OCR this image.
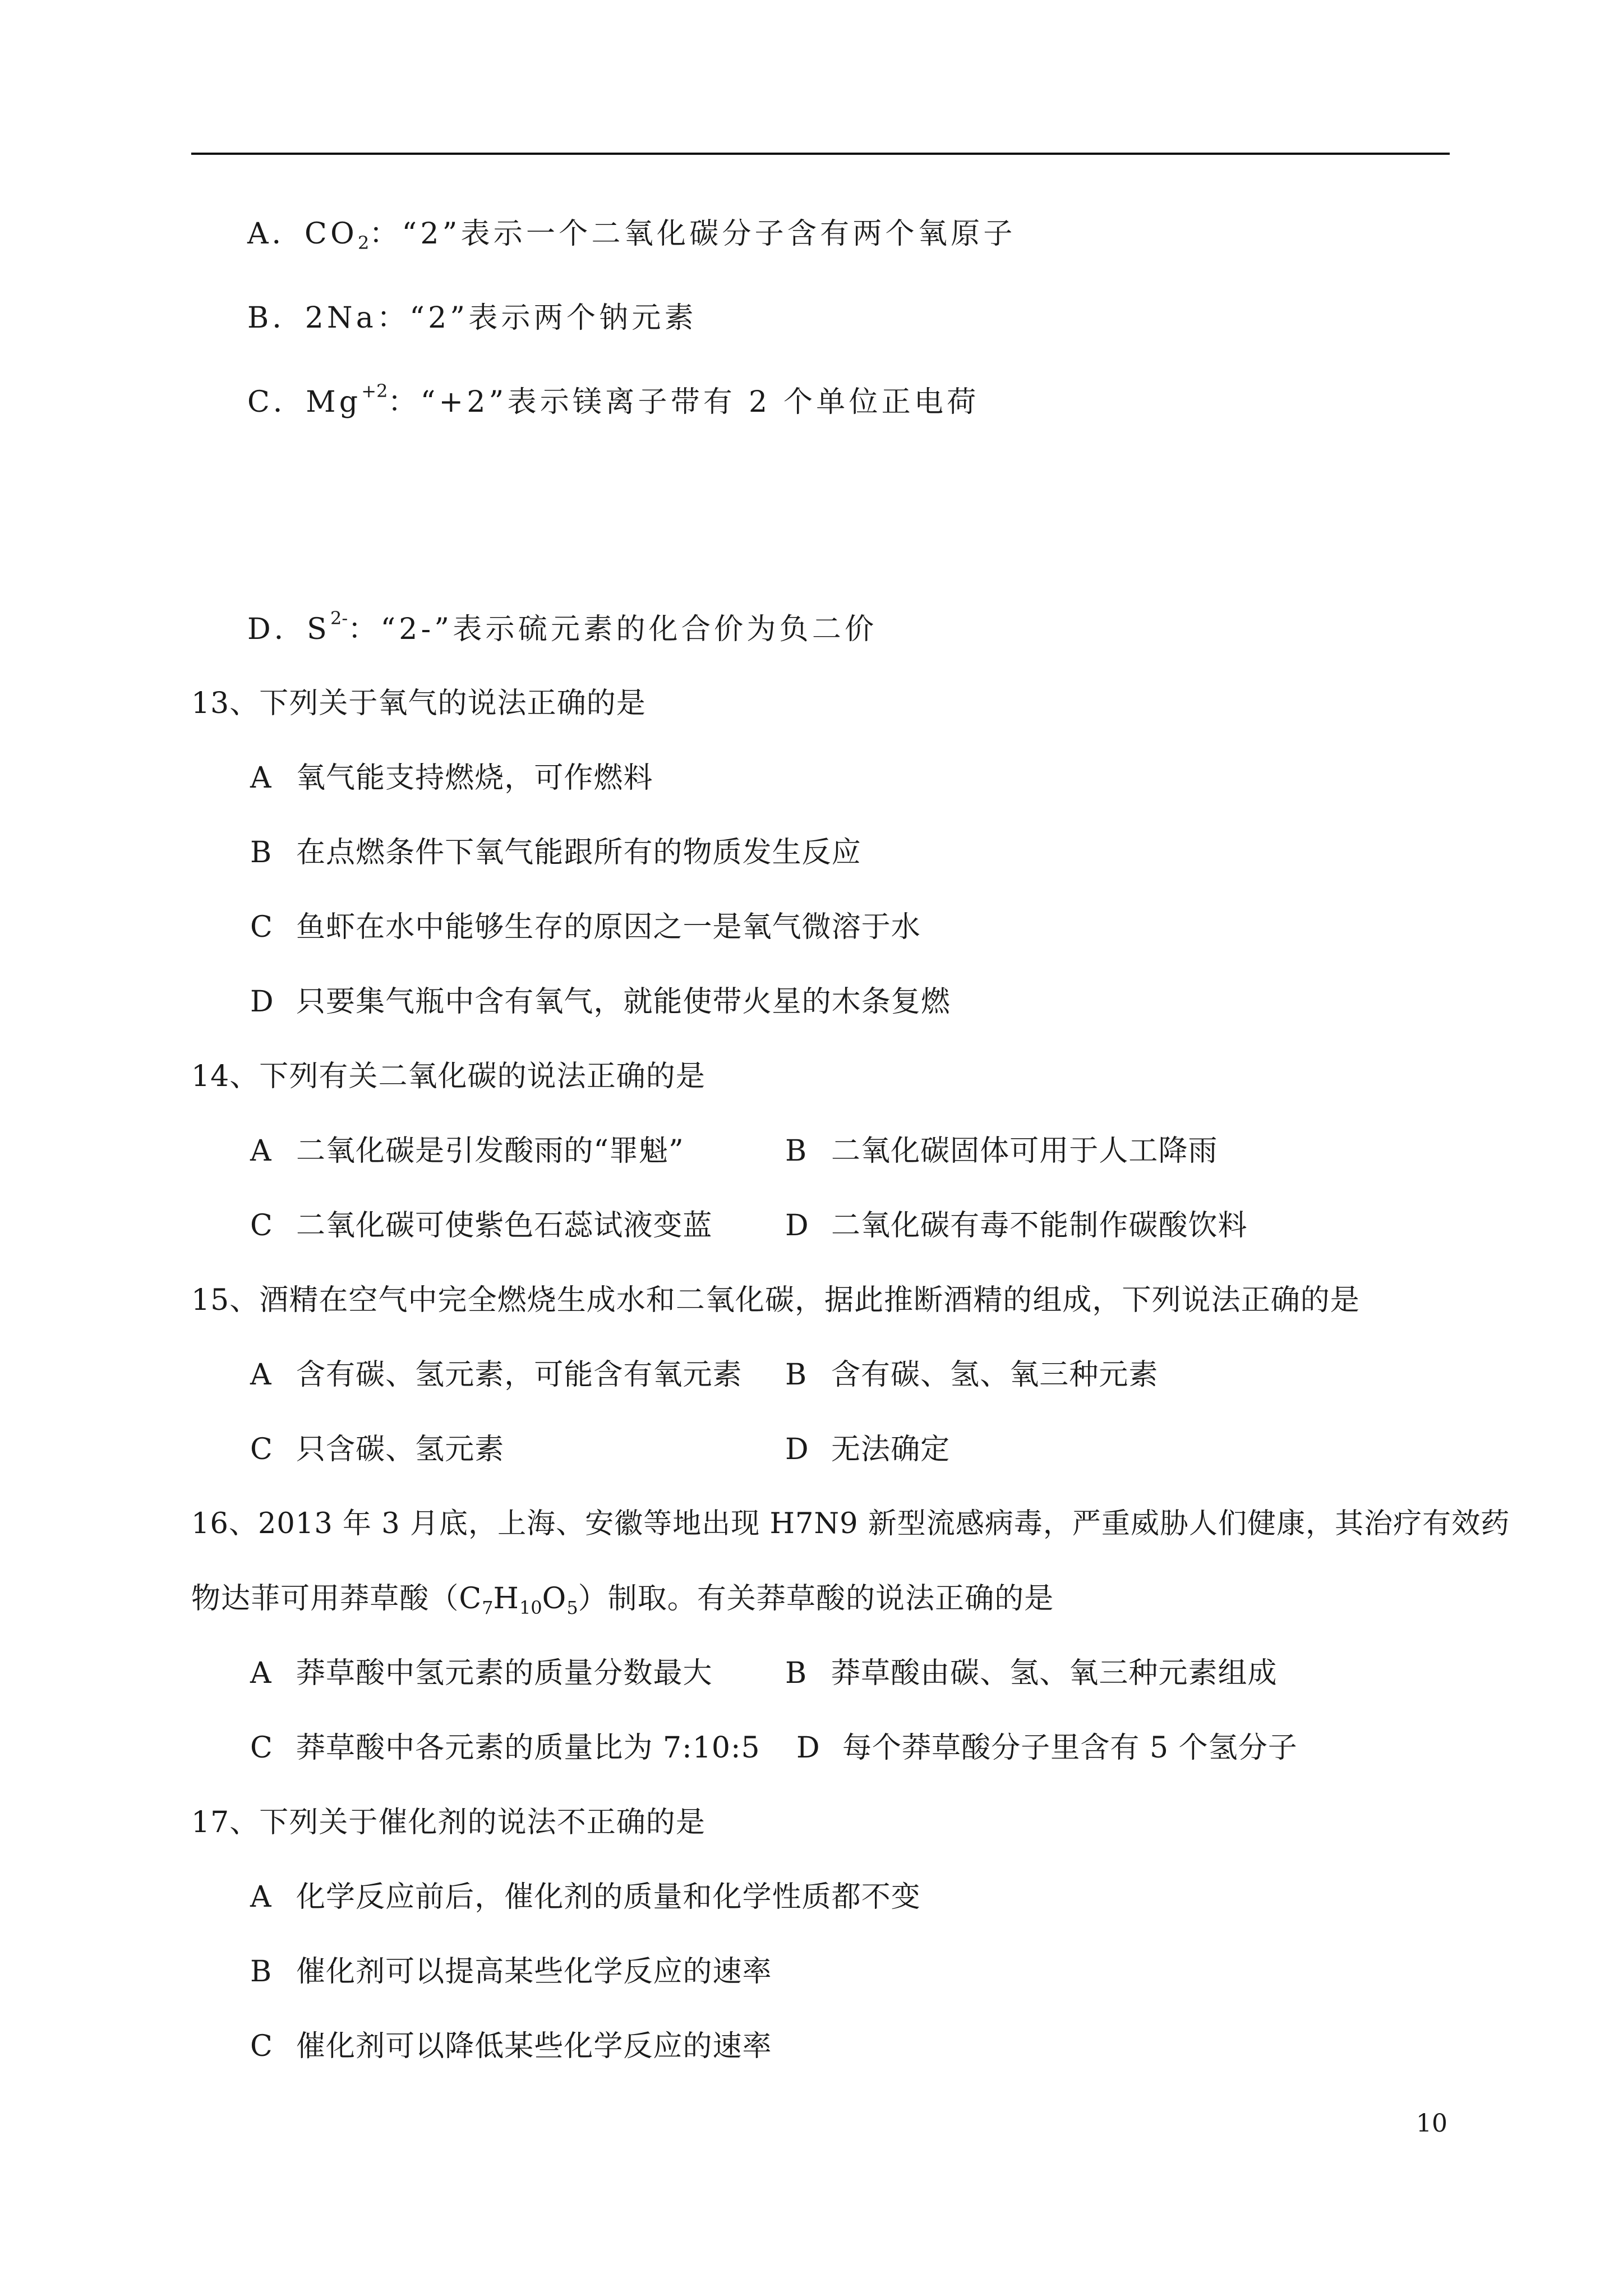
A．$CO_2$：“2”表示一个二氧化碳分子含有两个氧原子
B．2Na：“2”表示两个钠元素
C．$Mg^{+2}$：“+2”表示镁离子带有 2 个单位正电荷
D．$S^{2-}$：“2-”表示硫元素的化合价为负二价
13、下列关于氧气的说法正确的是
A 氧气能支持燃烧，可作燃料
B 在点燃条件下氧气能跟所有的物质发生反应
C 鱼虾在水中能够生存的原因之一是氧气微溶于水
D 只要集气瓶中含有氧气，就能使带火星的木条复燃
14、下列有关二氧化碳的说法正确的是
A 二氧化碳是引发酸雨的“罪魁”	B 二氧化碳固体可用于人工降雨
C 二氧化碳可使紫色石蕊试液变蓝 D 二氧化碳有毒不能制作碳酸饮料
15、酒精在空气中完全燃烧生成水和二氧化碳，据此推断酒精的组成，下列说法正确的是
A 含有碳、氢元素，可能含有氧元素 B 含有碳、氢、氧三种元素
C 只含碳、氢元素	D 无法确定
16、2013 年 3 月底，上海、安徽等地出现 H7N9 新型流感病毒，严重威胁人们健康，其治疗有效药
物达菲可用莽草酸$(C_7H_{10}O_5)$制取。有关莽草酸的说法正确的是
A 莽草酸中氢元素的质量分数最大 B 莽草酸由碳、氢、氧三种元素组成
C 莽草酸中各元素的质量比为 7:10:5 D 每个莽草酸分子里含有 5 个氢分子
17、下列关于催化剂的说法不正确的是
A 化学反应前后，催化剂的质量和化学性质都不变
B 催化剂可以提高某些化学反应的速率
C 催化剂可以降低某些化学反应的速率
10
